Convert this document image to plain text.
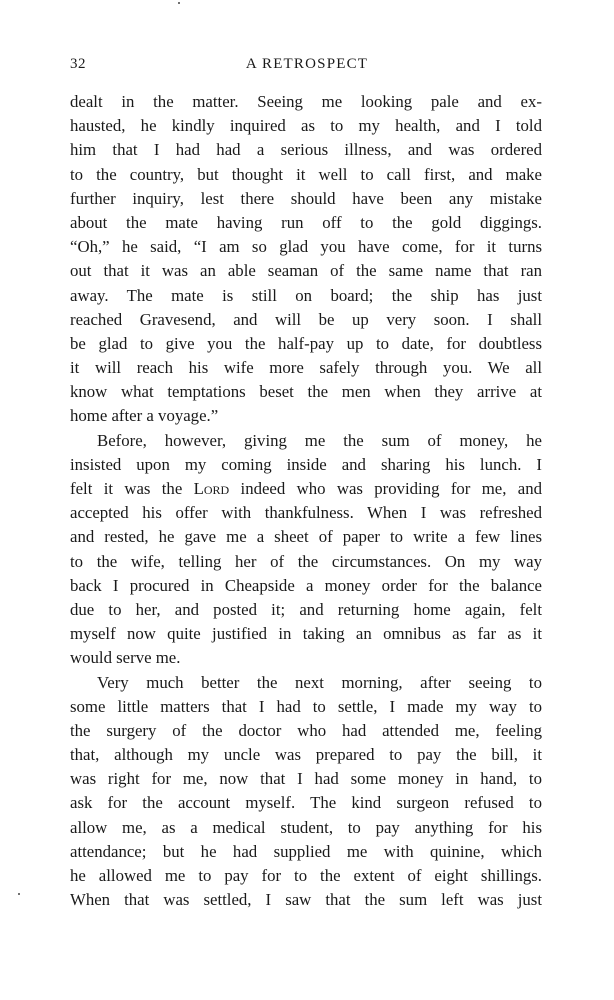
32	A RETROSPECT
dealt in the matter. Seeing me looking pale and ex-
hausted, he kindly inquired as to my health, and I told
him that I had had a serious illness, and was ordered
to the country, but thought it well to call first, and make
further inquiry, lest there should have been any mistake
about the mate having run off to the gold diggings.
“Oh,” he said, “I am so glad you have come, for it turns
out that it was an able seaman of the same name that ran
away. The mate is still on board; the ship has just
reached Gravesend, and will be up very soon. I shall
be glad to give you the half-pay up to date, for doubtless
it will reach his wife more safely through you. We all
know what temptations beset the men when they arrive at
home after a voyage.”
Before, however, giving me the sum of money, he
insisted upon my coming inside and sharing his lunch. I
felt it was the Lord indeed who was providing for me, and
accepted his offer with thankfulness. When I was refreshed
and rested, he gave me a sheet of paper to write a few lines
to the wife, telling her of the circumstances. On my way
back I procured in Cheapside a money order for the balance
due to her, and posted it; and returning home again, felt
myself now quite justified in taking an omnibus as far as it
would serve me.
Very much better the next morning, after seeing to
some little matters that I had to settle, I made my way to
the surgery of the doctor who had attended me, feeling
that, although my uncle was prepared to pay the bill, it
was right for me, now that I had some money in hand, to
ask for the account myself. The kind surgeon refused to
allow me, as a medical student, to pay anything for his
attendance; but he had supplied me with quinine, which
he allowed me to pay for to the extent of eight shillings.
When that was settled, I saw that the sum left was just
